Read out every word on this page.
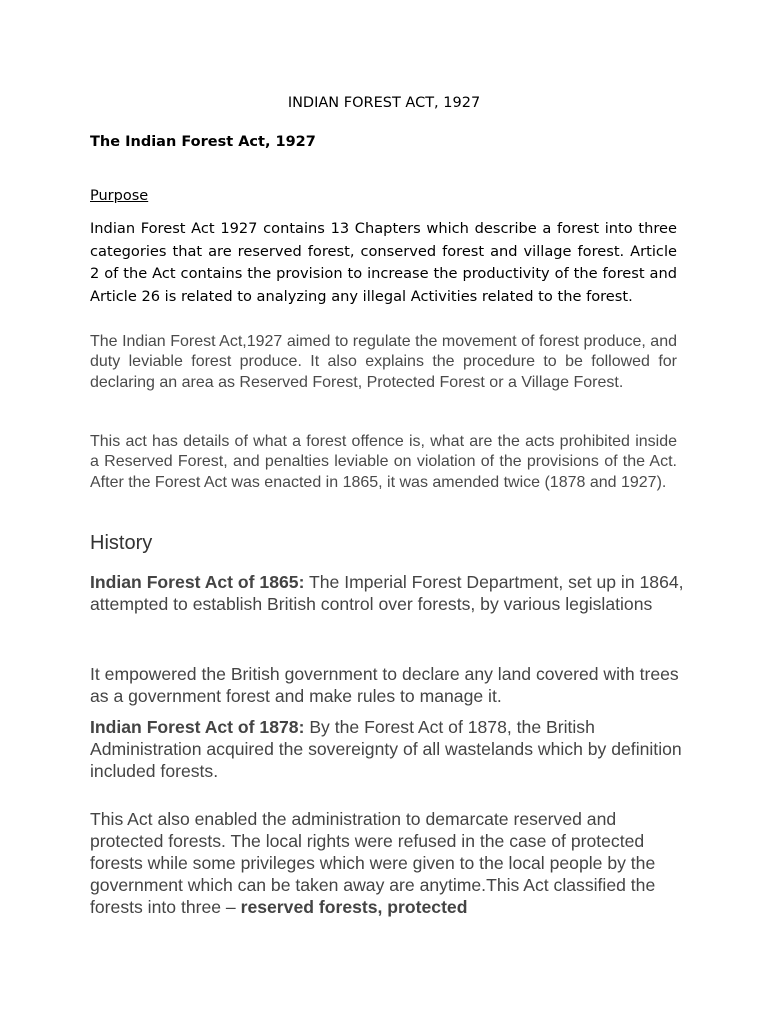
INDIAN FOREST ACT, 1927
The Indian Forest Act, 1927
Purpose
Indian Forest Act 1927 contains 13 Chapters which describe a forest into three categories that are reserved forest, conserved forest and village forest. Article 2 of the Act contains the provision to increase the productivity of the forest and Article 26 is related to analyzing any illegal Activities related to the forest.
The Indian Forest Act,1927 aimed to regulate the movement of forest produce, and duty leviable forest produce. It also explains the procedure to be followed for declaring an area as Reserved Forest, Protected Forest or a Village Forest.
This act has details of what a forest offence is, what are the acts prohibited inside a Reserved Forest, and penalties leviable on violation of the provisions of the Act. After the Forest Act was enacted in 1865, it was amended twice (1878 and 1927).
History
Indian Forest Act of 1865: The Imperial Forest Department, set up in 1864, attempted to establish British control over forests, by various legislations
It empowered the British government to declare any land covered with trees as a government forest and make rules to manage it.
Indian Forest Act of 1878: By the Forest Act of 1878, the British Administration acquired the sovereignty of all wastelands which by definition included forests.
This Act also enabled the administration to demarcate reserved and protected forests. The local rights were refused in the case of protected forests while some privileges which were given to the local people by the government which can be taken away are anytime.This Act classified the forests into three – reserved forests, protected
